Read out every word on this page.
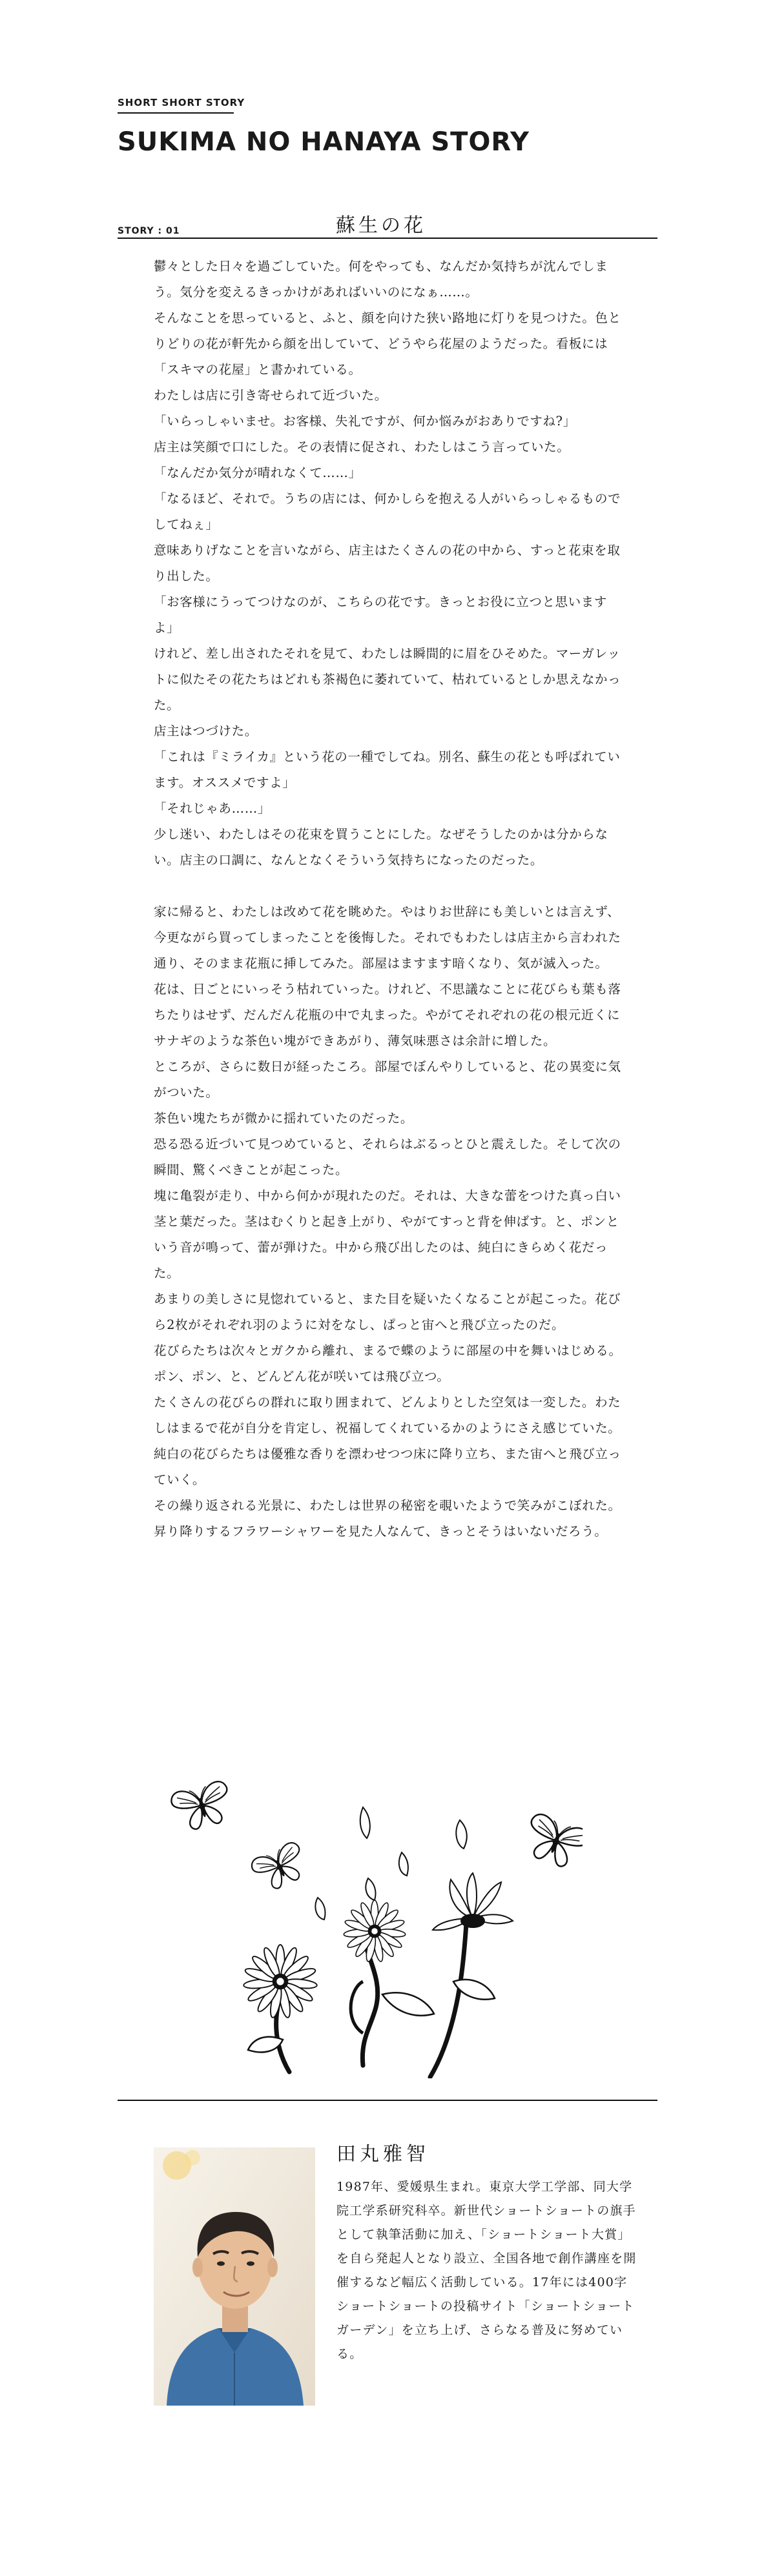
SHORT SHORT STORY
SUKIMA NO HANAYA STORY
STORY : 01	蘇生の花

鬱々とした日々を過ごしていた。何をやっても、なんだか気持ちが沈んでしまう。気分を変えるきっかけがあればいいのになぁ……。

そんなことを思っていると、ふと、顔を向けた狭い路地に灯りを見つけた。色とりどりの花が軒先から顔を出していて、どうやら花屋のようだった。看板には「スキマの花屋」と書かれている。

わたしは店に引き寄せられて近づいた。

「いらっしゃいませ。お客様、失礼ですが、何か悩みがおありですね?」

店主は笑顔で口にした。その表情に促され、わたしはこう言っていた。

「なんだか気分が晴れなくて……」

「なるほど、それで。うちの店には、何かしらを抱える人がいらっしゃるものでしてねぇ」

意味ありげなことを言いながら、店主はたくさんの花の中から、すっと花束を取り出した。

「お客様にうってつけなのが、こちらの花です。きっとお役に立つと思いますよ」

けれど、差し出されたそれを見て、わたしは瞬間的に眉をひそめた。マーガレットに似たその花たちはどれも茶褐色に萎れていて、枯れているとしか思えなかった。

店主はつづけた。

「これは『ミライカ』という花の一種でしてね。別名、蘇生の花とも呼ばれています。オススメですよ」

「それじゃあ……」

少し迷い、わたしはその花束を買うことにした。なぜそうしたのかは分からない。店主の口調に、なんとなくそういう気持ちになったのだった。

家に帰ると、わたしは改めて花を眺めた。やはりお世辞にも美しいとは言えず、今更ながら買ってしまったことを後悔した。それでもわたしは店主から言われた通り、そのまま花瓶に挿してみた。部屋はますます暗くなり、気が滅入った。

花は、日ごとにいっそう枯れていった。けれど、不思議なことに花びらも葉も落ちたりはせず、だんだん花瓶の中で丸まった。やがてそれぞれの花の根元近くにサナギのような茶色い塊ができあがり、薄気味悪さは余計に増した。

ところが、さらに数日が経ったころ。部屋でぼんやりしていると、花の異変に気がついた。

茶色い塊たちが微かに揺れていたのだった。

恐る恐る近づいて見つめていると、それらはぶるっとひと震えした。そして次の瞬間、驚くべきことが起こった。

塊に亀裂が走り、中から何かが現れたのだ。それは、大きな蕾をつけた真っ白い茎と葉だった。茎はむくりと起き上がり、やがてすっと背を伸ばす。と、ポンという音が鳴って、蕾が弾けた。中から飛び出したのは、純白にきらめく花だった。

あまりの美しさに見惚れていると、また目を疑いたくなることが起こった。花びら2枚がそれぞれ羽のように対をなし、ぱっと宙へと飛び立ったのだ。

花びらたちは次々とガクから離れ、まるで蝶のように部屋の中を舞いはじめる。ポン、ポン、と、どんどん花が咲いては飛び立つ。

たくさんの花びらの群れに取り囲まれて、どんよりとした空気は一変した。わたしはまるで花が自分を肯定し、祝福してくれているかのようにさえ感じていた。

純白の花びらたちは優雅な香りを漂わせつつ床に降り立ち、また宙へと飛び立っていく。

その繰り返される光景に、わたしは世界の秘密を覗いたようで笑みがこぼれた。

昇り降りするフラワーシャワーを見た人なんて、きっとそうはいないだろう。

田丸雅智
1987年、愛媛県生まれ。東京大学工学部、同大学院工学系研究科卒。新世代ショートショートの旗手として執筆活動に加え、「ショートショート大賞」を自ら発起人となり設立、全国各地で創作講座を開催するなど幅広く活動している。17年には400字ショートショートの投稿サイト「ショートショートガーデン」を立ち上げ、さらなる普及に努めている。
